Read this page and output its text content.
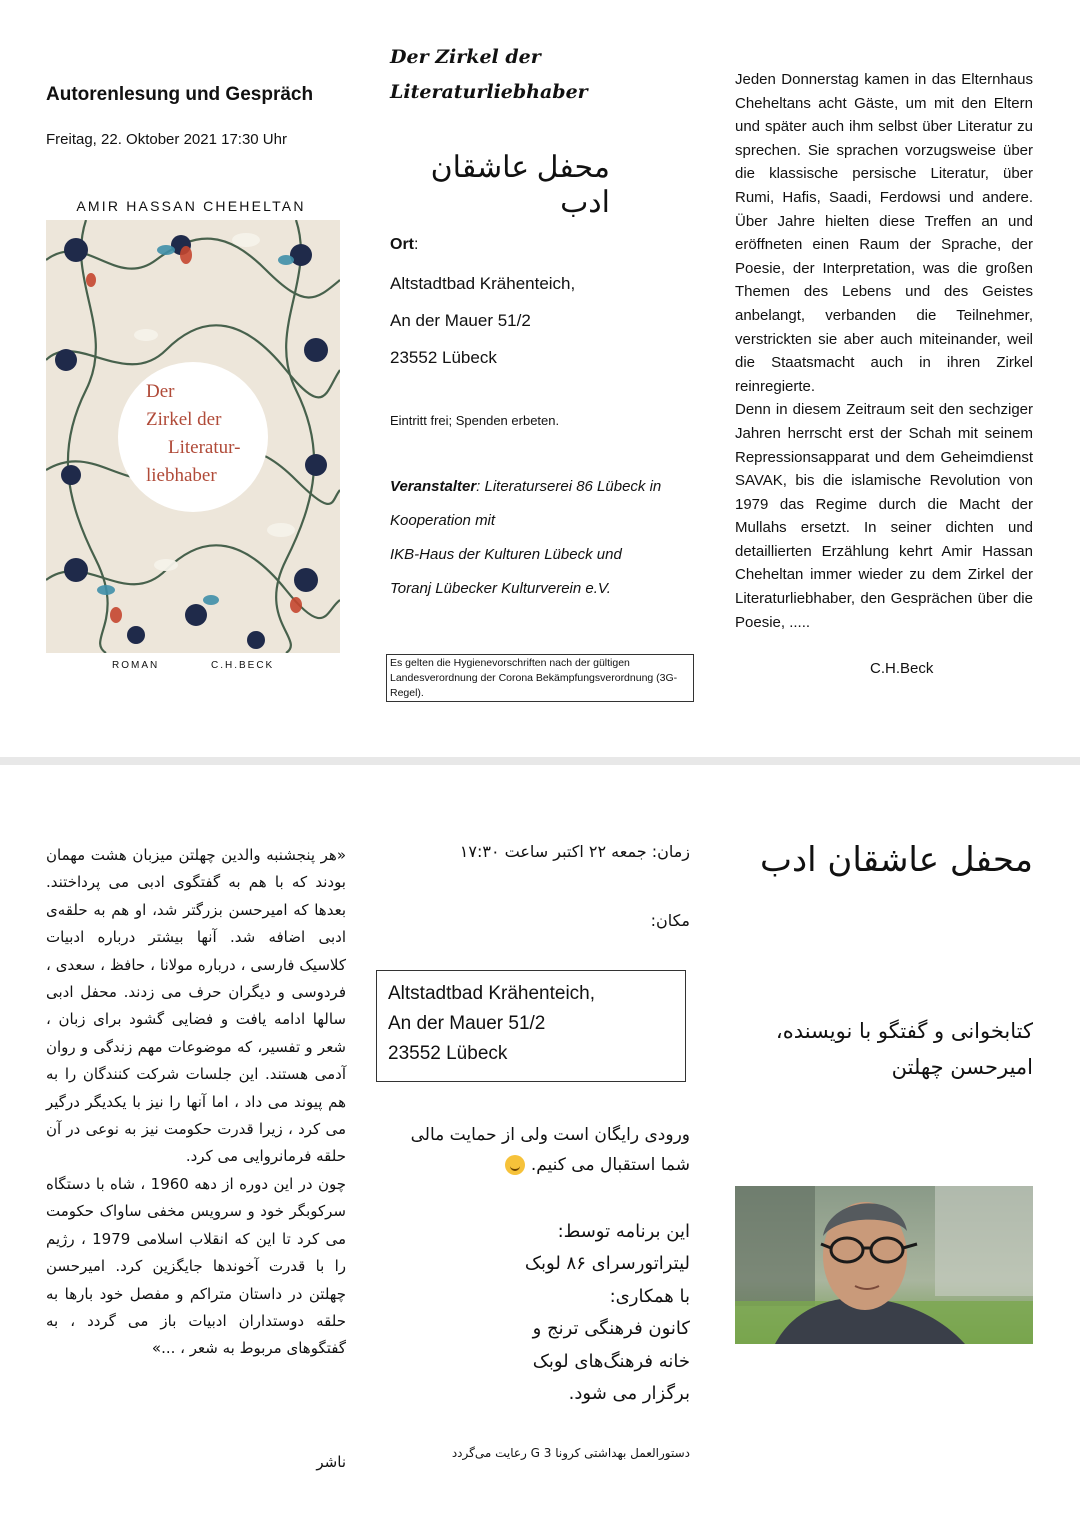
Autorenlesung und Gespräch
Freitag, 22. Oktober 2021 17:30 Uhr
AMIR HASSAN CHEHELTAN
Der
Zirkel der
Literatur-
liebhaber
ROMAN	C.H.BECK
Der Zirkel der
Literaturliebhaber
محفل عاشقان ادب
Ort:
Altstadtbad Krähenteich,
An der Mauer 51/2
23552 Lübeck
Eintritt frei; Spenden erbeten.
Veranstalter: Literaturserei 86 Lübeck in
Kooperation mit
IKB-Haus der Kulturen Lübeck und
Toranj Lübecker Kulturverein e.V.
Es gelten die Hygienevorschriften nach der gültigen Landesverordnung der Corona Bekämpfungsverordnung (3G-Regel).
Jeden Donnerstag kamen in das Elternhaus Cheheltans acht Gäste, um mit den Eltern und später auch ihm selbst über Literatur zu sprechen. Sie sprachen vorzugsweise über die klassische persische Literatur, über Rumi, Hafis, Saadi, Ferdowsi und andere. Über Jahre hielten diese Treffen an und eröffneten einen Raum der Sprache, der Poesie, der Interpretation, was die großen Themen des Lebens und des Geistes anbelangt, verbanden die Teilnehmer, verstrickten sie aber auch miteinander, weil die Staatsmacht auch in ihren Zirkel reinregierte.
Denn in diesem Zeitraum seit den sechziger Jahren herrscht erst der Schah mit seinem Repressionsapparat und dem Geheimdienst SAVAK, bis die islamische Revolution von 1979 das Regime durch die Macht der Mullahs ersetzt. In seiner dichten und detaillierten Erzählung kehrt Amir Hassan Cheheltan immer wieder zu dem Zirkel der Literaturliebhaber, den Gesprächen über die Poesie, .....
C.H.Beck
«هر پنجشنبه والدین چهلتن میزبان هشت مهمان بودند که با هم به گفتگوی ادبی می پرداختند. بعدها که امیرحسن بزرگتر شد، او هم به حلقه‌ی ادبی اضافه شد. آنها بیشتر درباره ادبیات کلاسیک فارسی ، درباره مولانا ، حافظ ، سعدی ، فردوسی و دیگران حرف می زدند. محفل ادبی سالها ادامه یافت و فضایی گشود برای زبان ، شعر و تفسیر، که موضوعات مهم زندگی و روان آدمی هستند. این جلسات شرکت کنندگان را به هم پیوند می داد ، اما آنها را نیز با یکدیگر درگیر می کرد ، زیرا قدرت حکومت نیز به نوعی در آن حلقه فرمانروایی می کرد.
چون در این دوره از دهه 1960 ، شاه با دستگاه سرکوبگر خود و سرویس مخفی ساواک حکومت می کرد تا این که انقلاب اسلامی 1979 ، رژیم را با قدرت آخوندها جایگزین کرد. امیرحسن چهلتن در داستان متراکم و مفصل خود بارها به حلقه دوستداران ادبیات باز می گردد ، به گفتگوهای مربوط به شعر ، ...»
ناشر
زمان: جمعه ۲۲ اکتبر ساعت ۱۷:۳۰
مکان:
Altstadtbad Krähenteich,
An der Mauer 51/2
23552 Lübeck
ورودی رایگان است ولی از حمایت مالی شما استقبال می کنیم.
این برنامه توسط:
لیتراتورسرای ۸۶ لوبک
با همکاری:
کانون فرهنگی ترنج و
خانه فرهنگ‌های لوبک
برگزار می شود.
دستورالعمل بهداشتی کرونا 3 G رعایت می‌گردد
محفل عاشقان ادب
کتابخوانی و گفتگو با نویسنده،
امیرحسن چهلتن
